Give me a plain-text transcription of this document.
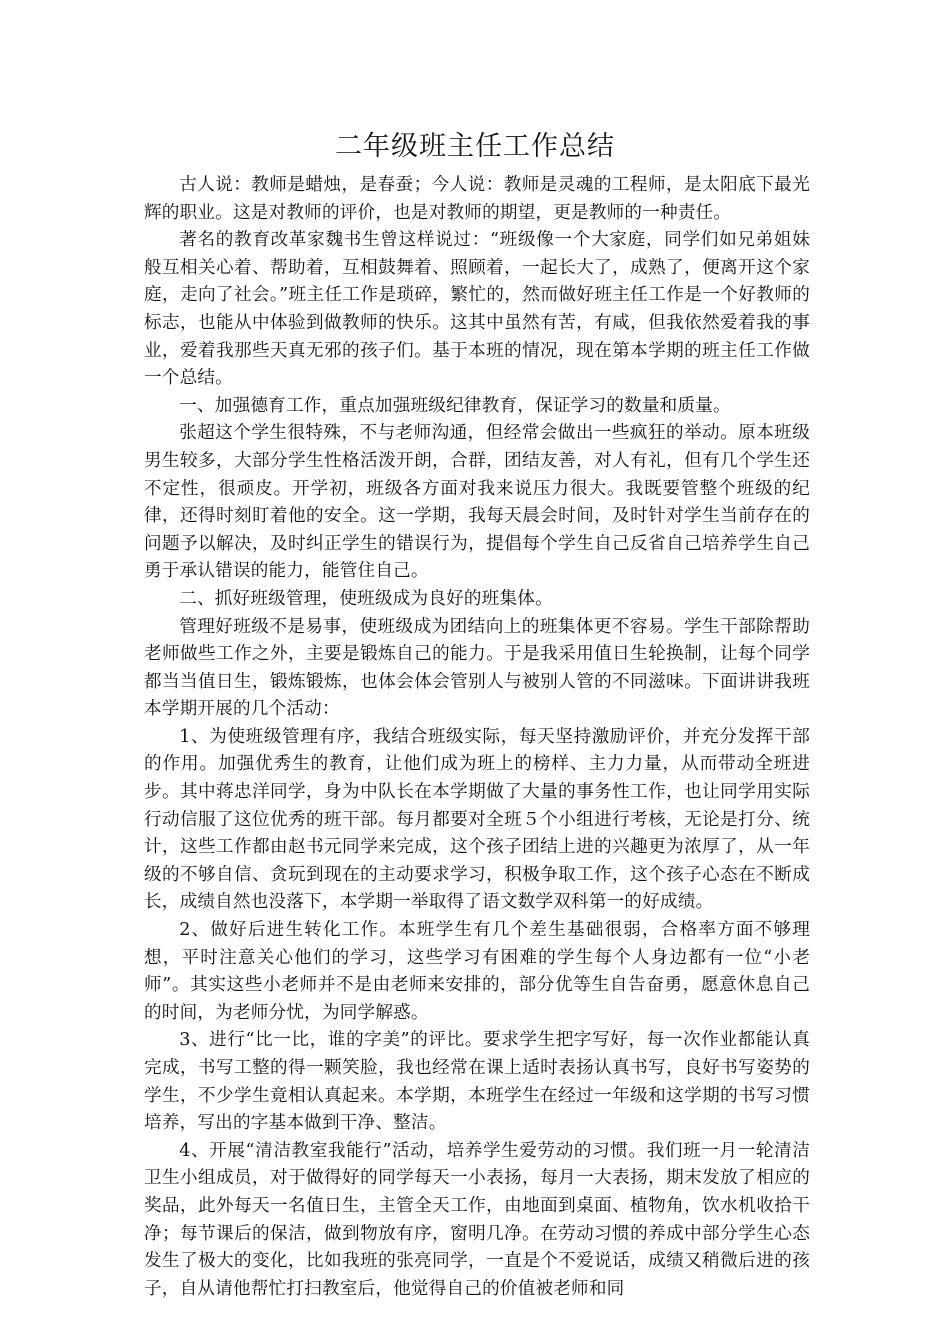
二年级班主任工作总结

古人说：教师是蜡烛，是春蚕；今人说：教师是灵魂的工程师，是太阳底下最光辉的职业。这是对教师的评价，也是对教师的期望，更是教师的一种责任。

著名的教育改革家魏书生曾这样说过：“班级像一个大家庭，同学们如兄弟姐妹般互相关心着、帮助着，互相鼓舞着、照顾着，一起长大了，成熟了，便离开这个家庭，走向了社会。”班主任工作是琐碎，繁忙的，然而做好班主任工作是一个好教师的标志，也能从中体验到做教师的快乐。这其中虽然有苦，有咸，但我依然爱着我的事业，爱着我那些天真无邪的孩子们。基于本班的情况，现在第本学期的班主任工作做一个总结。

一、加强德育工作，重点加强班级纪律教育，保证学习的数量和质量。

张超这个学生很特殊，不与老师沟通，但经常会做出一些疯狂的举动。原本班级男生较多，大部分学生性格活泼开朗，合群，团结友善，对人有礼，但有几个学生还不定性，很顽皮。开学初，班级各方面对我来说压力很大。我既要管整个班级的纪律，还得时刻盯着他的安全。这一学期，我每天晨会时间，及时针对学生当前存在的问题予以解决，及时纠正学生的错误行为，提倡每个学生自己反省自己培养学生自己勇于承认错误的能力，能管住自己。

二、抓好班级管理，使班级成为良好的班集体。

管理好班级不是易事，使班级成为团结向上的班集体更不容易。学生干部除帮助老师做些工作之外，主要是锻炼自己的能力。于是我采用值日生轮换制，让每个同学都当当值日生，锻炼锻炼，也体会体会管别人与被别人管的不同滋味。下面讲讲我班本学期开展的几个活动：

1、为使班级管理有序，我结合班级实际，每天坚持激励评价，并充分发挥干部的作用。加强优秀生的教育，让他们成为班上的榜样、主力力量，从而带动全班进步。其中蒋忠洋同学，身为中队长在本学期做了大量的事务性工作，也让同学用实际行动信服了这位优秀的班干部。每月都要对全班５个小组进行考核，无论是打分、统计，这些工作都由赵书元同学来完成，这个孩子团结上进的兴趣更为浓厚了，从一年级的不够自信、贪玩到现在的主动要求学习，积极争取工作，这个孩子心态在不断成长，成绩自然也没落下，本学期一举取得了语文数学双科第一的好成绩。

2、做好后进生转化工作。本班学生有几个差生基础很弱，合格率方面不够理想，平时注意关心他们的学习，这些学习有困难的学生每个人身边都有一位“小老师”。其实这些小老师并不是由老师来安排的，部分优等生自告奋勇，愿意休息自己的时间，为老师分忧，为同学解惑。

3、进行“比一比，谁的字美”的评比。要求学生把字写好，每一次作业都能认真完成，书写工整的得一颗笑脸，我也经常在课上适时表扬认真书写，良好书写姿势的学生，不少学生竟相认真起来。本学期，本班学生在经过一年级和这学期的书写习惯培养，写出的字基本做到干净、整洁。

4、开展“清洁教室我能行”活动，培养学生爱劳动的习惯。我们班一月一轮清洁卫生小组成员，对于做得好的同学每天一小表扬，每月一大表扬，期末发放了相应的奖品，此外每天一名值日生，主管全天工作，由地面到桌面、植物角，饮水机收拾干净；每节课后的保洁，做到物放有序，窗明几净。在劳动习惯的养成中部分学生心态发生了极大的变化，比如我班的张亮同学，一直是个不爱说话，成绩又稍微后进的孩子，自从请他帮忙打扫教室后，他觉得自己的价值被老师和同
